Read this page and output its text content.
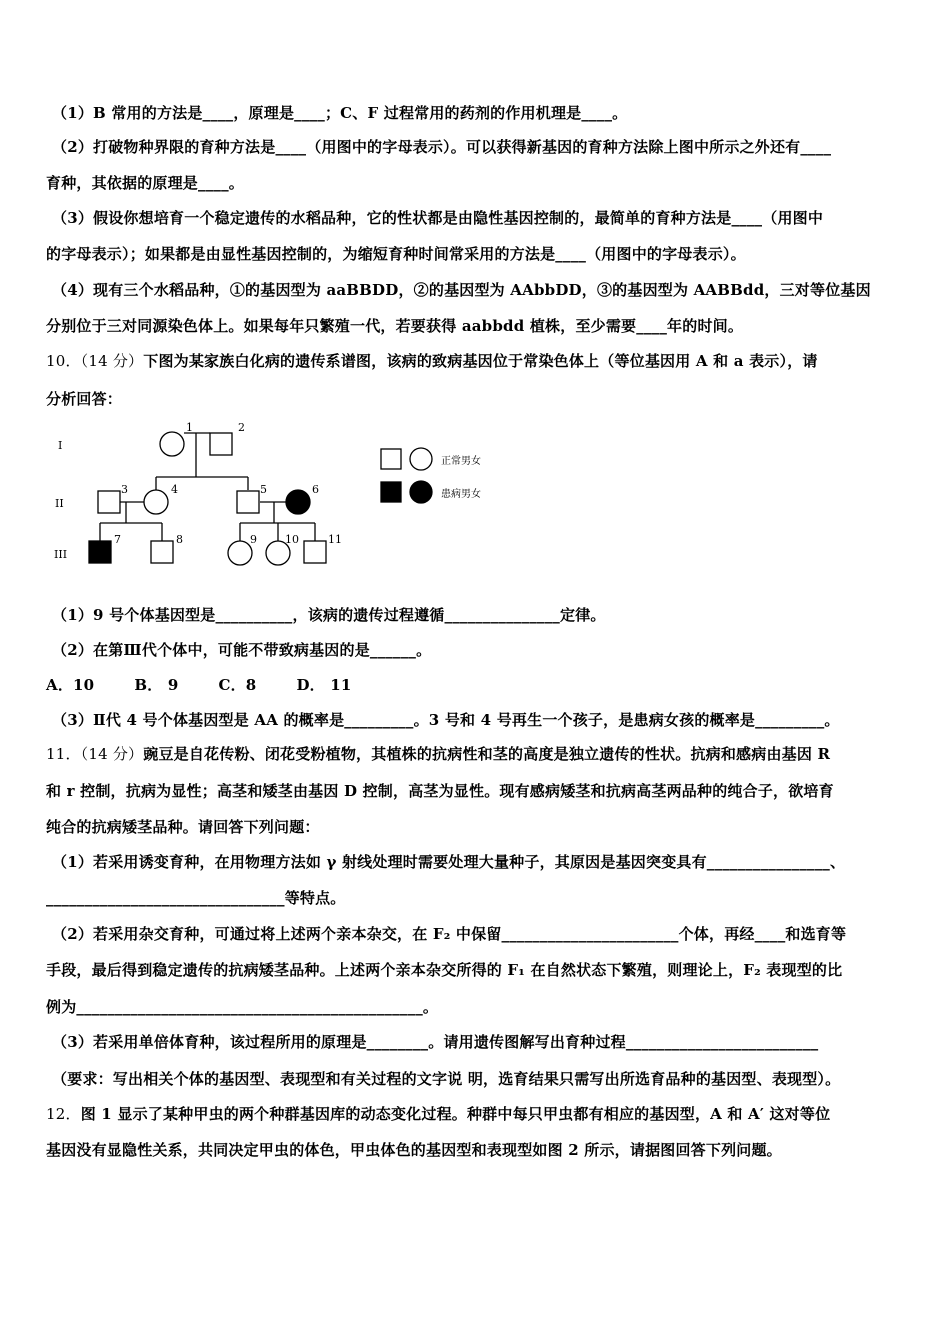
（1）B 常用的方法是____，原理是____；C、F 过程常用的药剂的作用机理是____。
（2）打破物种界限的育种方法是____（用图中的字母表示）。可以获得新基因的育种方法除上图中所示之外还有____
育种，其依据的原理是____。
（3）假设你想培育一个稳定遗传的水稻品种，它的性状都是由隐性基因控制的，最简单的育种方法是____（用图中
的字母表示）；如果都是由显性基因控制的，为缩短育种时间常采用的方法是____（用图中的字母表示）。
（4）现有三个水稻品种，①的基因型为 aaBBDD，②的基因型为 AAbbDD，③的基因型为 AABBdd，三对等位基因
分别位于三对同源染色体上。如果每年只繁殖一代，若要获得 aabbdd 植株，至少需要____年的时间。
10．（14 分）下图为某家族白化病的遗传系谱图，该病的致病基因位于常染色体上（等位基因用 A 和 a 表示），请
分析回答：
I
II
III
1	2
3	4	5	6
7	8	9	10	11
正常男女
患病男女
（1）9 号个体基因型是__________，该病的遗传过程遵循_______________定律。
（2）在第Ⅲ代个体中，可能不带致病基因的是______。
A．10	B． 9	C．8	D． 11
（3）Ⅱ代 4 号个体基因型是 AA 的概率是_________。3 号和 4 号再生一个孩子，是患病女孩的概率是_________。
11．（14 分）豌豆是自花传粉、闭花受粉植物，其植株的抗病性和茎的高度是独立遗传的性状。抗病和感病由基因 R
和 r 控制，抗病为显性；高茎和矮茎由基因 D 控制，高茎为显性。现有感病矮茎和抗病高茎两品种的纯合子，欲培育
纯合的抗病矮茎品种。请回答下列问题：
（1）若采用诱变育种，在用物理方法如 γ 射线处理时需要处理大量种子，其原因是基因突变具有________________、
_______________________________等特点。
（2）若采用杂交育种，可通过将上述两个亲本杂交，在 F₂ 中保留_______________________个体，再经____和选育等
手段，最后得到稳定遗传的抗病矮茎品种。上述两个亲本杂交所得的 F₁ 在自然状态下繁殖，则理论上，F₂ 表现型的比
例为_____________________________________________。
（3）若采用单倍体育种，该过程所用的原理是________。请用遗传图解写出育种过程_________________________
（要求：写出相关个体的基因型、表现型和有关过程的文字说 明，选育结果只需写出所选育品种的基因型、表现型）。
12．图 1 显示了某种甲虫的两个种群基因库的动态变化过程。种群中每只甲虫都有相应的基因型，A 和 A′ 这对等位
基因没有显隐性关系，共同决定甲虫的体色，甲虫体色的基因型和表现型如图 2 所示，请据图回答下列问题。
